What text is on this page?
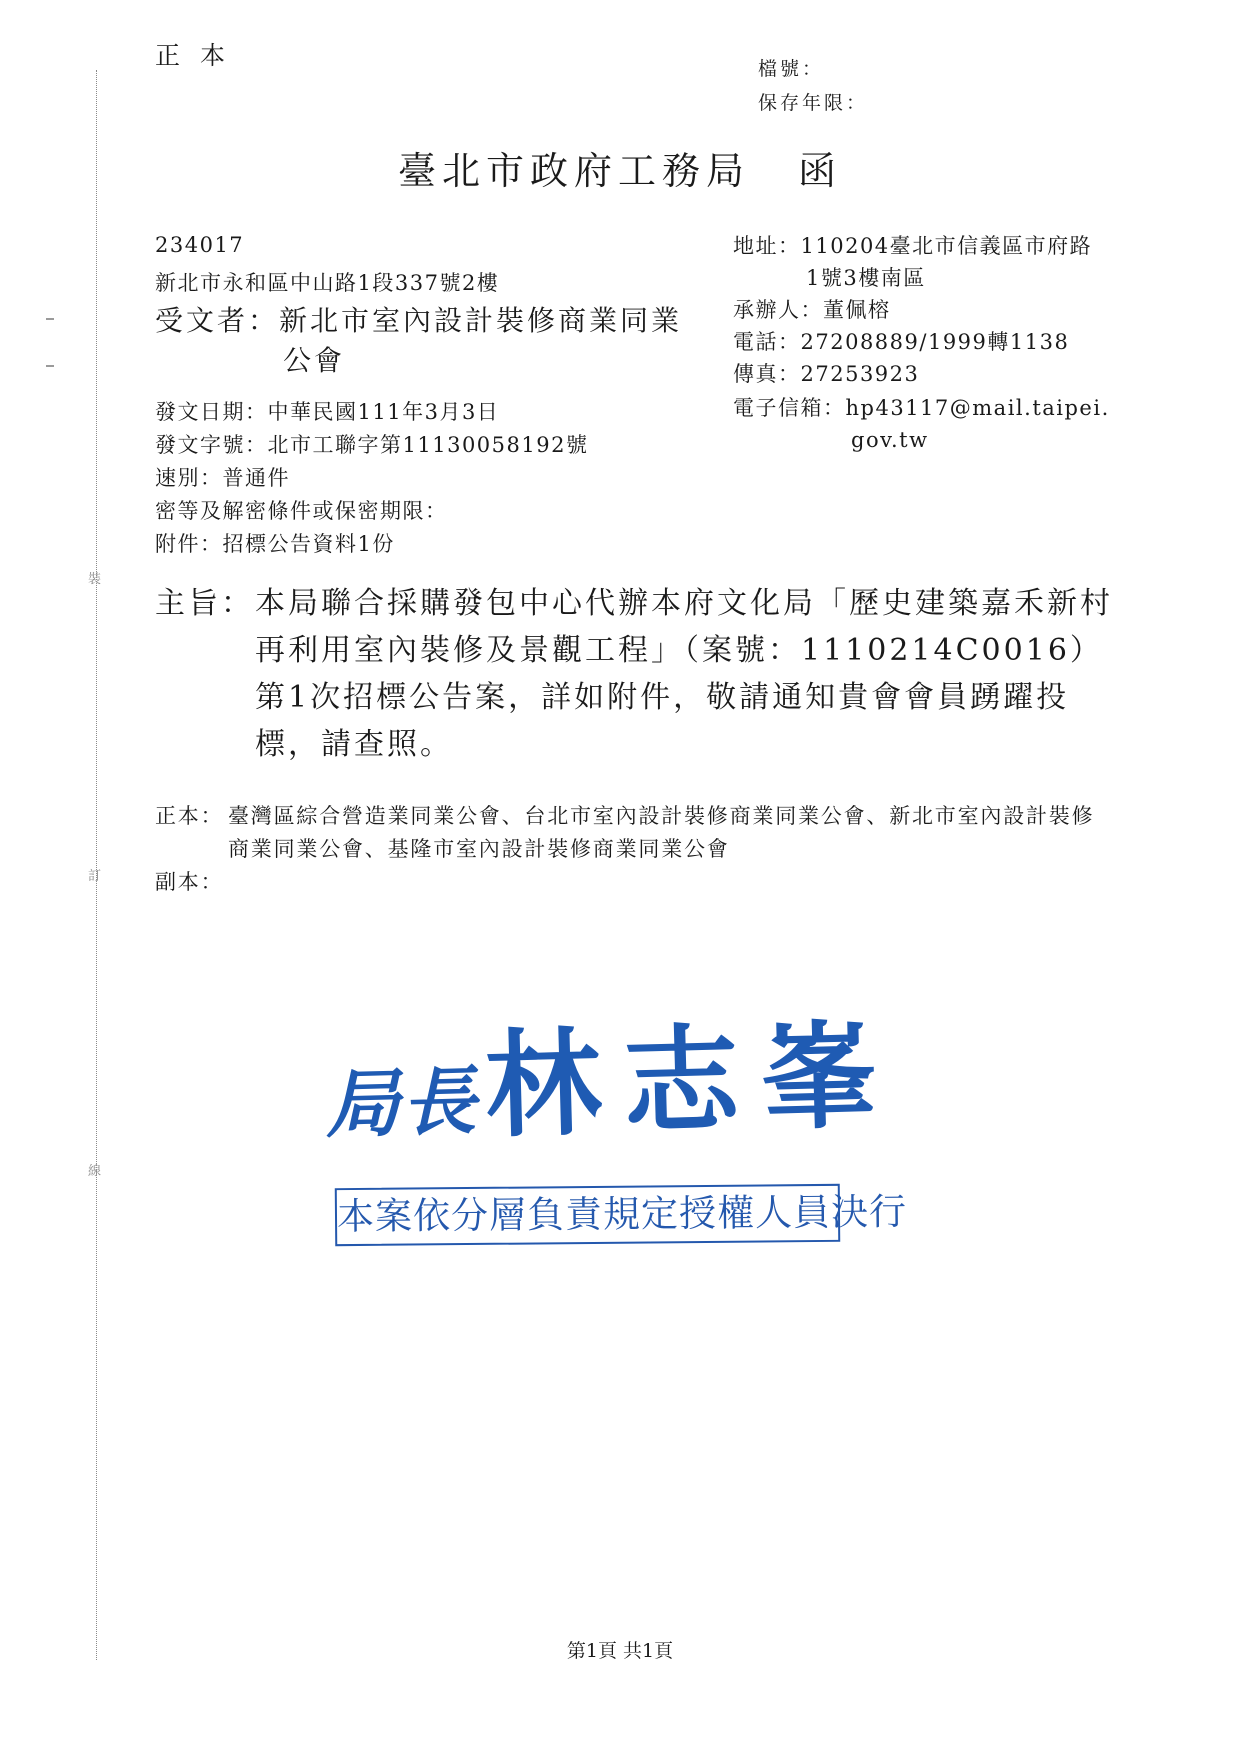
裝
訂
線
正本	檔號：
保存年限：
臺北市政府工務局 函
234017
新北市永和區中山路1段337號2樓
受文者：新北市室內設計裝修商業同業
公會
地址：110204臺北市信義區市府路
1號3樓南區
承辦人：董佩榕
電話：27208889/1999轉1138
傳真：27253923
電子信箱：hp43117@mail.taipei.
gov.tw
發文日期：中華民國111年3月3日
發文字號：北市工聯字第11130058192號
速別：普通件
密等及解密條件或保密期限：
附件：招標公告資料1份
主旨： 本局聯合採購發包中心代辦本府文化局「歷史建築嘉禾新村再利用室內裝修及景觀工程」（案號：1110214C0016）第1次招標公告案，詳如附件，敬請通知貴會會員踴躍投標，請查照。
正本： 臺灣區綜合營造業同業公會、台北市室內設計裝修商業同業公會、新北市室內設計裝修商業同業公會、基隆市室內設計裝修商業同業公會
副本：
局長林志峯
本案依分層負責規定授權人員決行
第1頁 共1頁
